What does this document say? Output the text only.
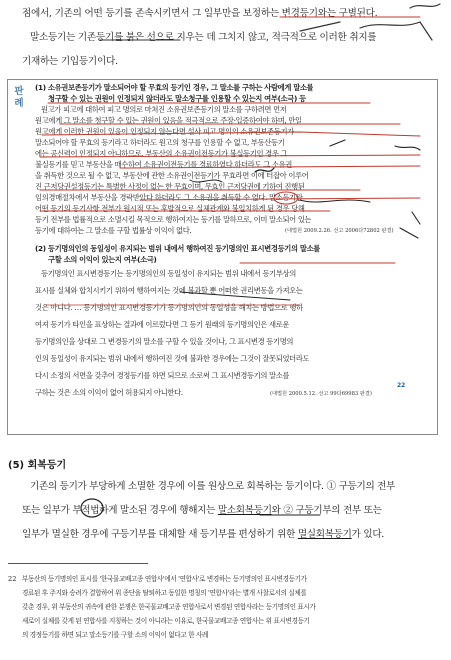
점에서, 기존의 어떤 등기를 존속시키면서 그 일부만을 보정하는 변경등기와는 구별된다.
말소등기는 기존등기를 붉은 선으로 지우는 데 그치지 않고, 적극적으로 이러한 취지를
기재하는 기입등기이다.
판례
(1) 소유권보존등기가 말소되어야 할 무효의 등기인 경우, 그 말소를 구하는 사람에게 말소를
청구할 수 있는 권원이 인정되지 않더라도 말소청구를 인용할 수 있는지 여부(소극) 등
원고가 피고에 대하여 피고 명의로 마쳐진 소유권보존등기의 말소를 구하려면 먼저
원고에게 그 말소를 청구할 수 있는 권원이 있음을 적극적으로 주장·입증하여야 하며, 만일
원고에게 이러한 권원이 있음이 인정되지 않는다면 설사 피고 명의의 소유권보존등기가
말소되어야 할 무효의 등기라고 하더라도 원고의 청구를 인용할 수 없고, 부동산등기
에는 공신력이 인정되지 아니하므로, 부동산의 소유권이전등기가 불실등기인 경우 그
불실등기를 믿고 부동산을 매수하여 소유권이전등기를 경료하였다 하더라도 그 소유권
을 취득한 것으로 될 수 없고, 부동산에 관한 소유권이전등기가 무효라면 이에 터잡아 이루어
진 근저당권설정등기는 특별한 사정이 없는 한 무효이며, 무효인 근저당권에 기하여 진행된
임의경매절차에서 부동산을 경락받았다 하더라도 그 소유권을 취득할 수 없다. 말소등기란
어떤 등기의 등기사항 전부가 원시적 또는 후발적으로 실체관계와 불일치하게 된 경우 당해
등기 전부를 법률적으로 소멸시킬 목적으로 행하여지는 등기를 말하므로, 이미 말소되어 있는
등기에 대하여는 그 말소를 구할 법률상 이익이 없다.	(대법원 2009.2.26. 선고 2006다72802 판결)
(2) 등기명의인의 동일성이 유지되는 범위 내에서 행하여진 등기명의인 표시변경등기의 말소를
구할 소의 이익이 있는지 여부(소극)
등기명의인 표시변경등기는 등기명의인의 동일성이 유지되는 범위 내에서 등기부상의
표시를 실체와 합치시키기 위하여 행하여지는 것에 불과할 뿐 어떠한 권리변동을 가져오는
것은 아니다. … 등기명의인 표시변경등기가 등기명의인의 동일성을 해치는 방법으로 행하
여져 등기가 타인을 표상하는 결과에 이르렀다면 그 등기 원래의 등기명의인은 새로운
등기명의인을 상대로 그 변경등기의 말소를 구할 수 있을 것이나, 그 표시변경 등기명의
인의 동일성이 유지되는 범위 내에서 행하여진 것에 불과한 경우에는 그것이 잘못되었더라도
다시 소정의 서면을 갖추어 경정등기를 하면 되므로 소로써 그 표시변경등기의 말소를
구하는 것은 소의 이익이 없어 허용되지 아니한다.	(대법원 2000.5.12. 선고 99다69983 판결)
22
(5) 회복등기
기존의 등기가 부당하게 소멸한 경우에 이를 원상으로 회복하는 등기이다. ① 구등기의 전부
또는 일부가 부적법하게 말소된 경우에 행해지는 말소회복등기와 ② 구등기부의 전부 또는
일부가 멸실한 경우에 구등기부를 대체할 새 등기부를 편성하기 위한 멸실회복등기가 있다.
22 부동산의 등기명의인 표시를 '한국물교배고종 연합사'에서 '연합사'로 변경하는 등기명의인 표시변경등기가
경료된 후 주지와 승려가 결합하여 위 종단을 탈퇴하고 동일한 명칭의 '연합사'라는 별개 사찰로서의 실체를
갖춘 경우, 위 부동산의 귀속에 관한 분쟁은 한국물교배고종 연합사로서 변경된 연합사라는 등기명의인 표시가
새로이 실체를 갖게 된 연합사를 지칭하는 것이 아니라는 이유로, 한국물교배고종 연합사는 위 표시변경등기
의 경정등기를 하면 되고 말소등기를 구할 소의 이익이 없다고 한 사례
